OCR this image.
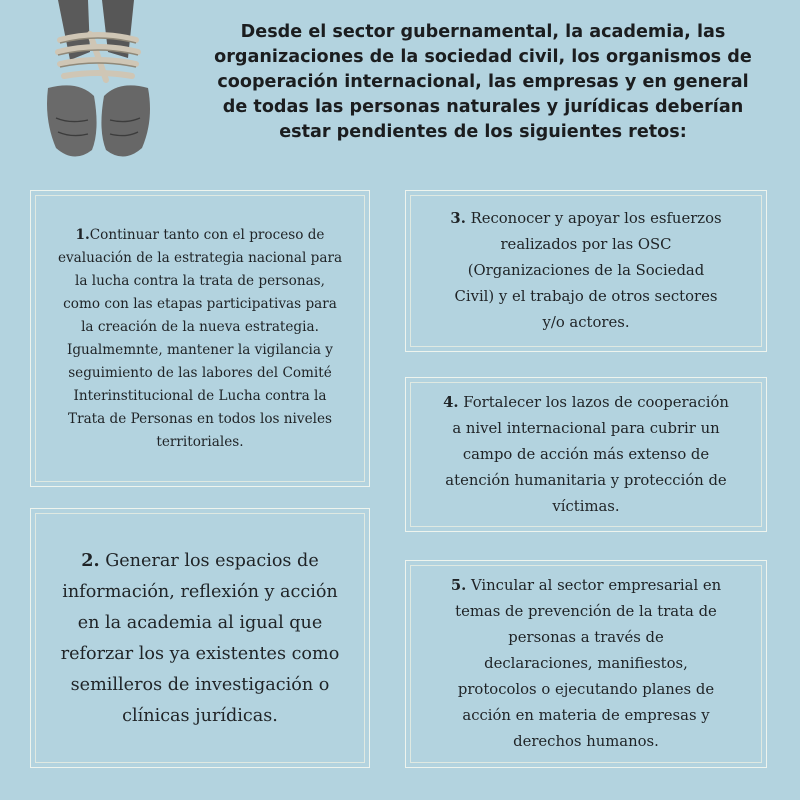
Desde el sector gubernamental, la academia, las
organizaciones de la sociedad civil, los organismos de
cooperación internacional, las empresas y en general
de todas las personas naturales y jurídicas deberían
estar pendientes de los siguientes retos:
1.Continuar tanto con el proceso de
evaluación de la estrategia nacional para
la lucha contra la trata de personas,
como con las etapas participativas para
la creación de la nueva estrategia.
Igualmemnte, mantener la vigilancia y
seguimiento de las labores del Comité
Interinstitucional de Lucha contra la
Trata de Personas en todos los niveles
territoriales.
2. Generar los espacios de
información, reflexión y acción
en la academia al igual que
reforzar los ya existentes como
semilleros de investigación o
clínicas jurídicas.
3. Reconocer y apoyar los esfuerzos
realizados por las OSC
(Organizaciones de la Sociedad
Civil) y el trabajo de otros sectores
y/o actores.
4. Fortalecer los lazos de cooperación
a nivel internacional para cubrir un
campo de acción más extenso de
atención humanitaria y protección de
víctimas.
5. Vincular al sector empresarial en
temas de prevención de la trata de
personas a través de
declaraciones, manifiestos,
protocolos o ejecutando planes de
acción en materia de empresas y
derechos humanos.
